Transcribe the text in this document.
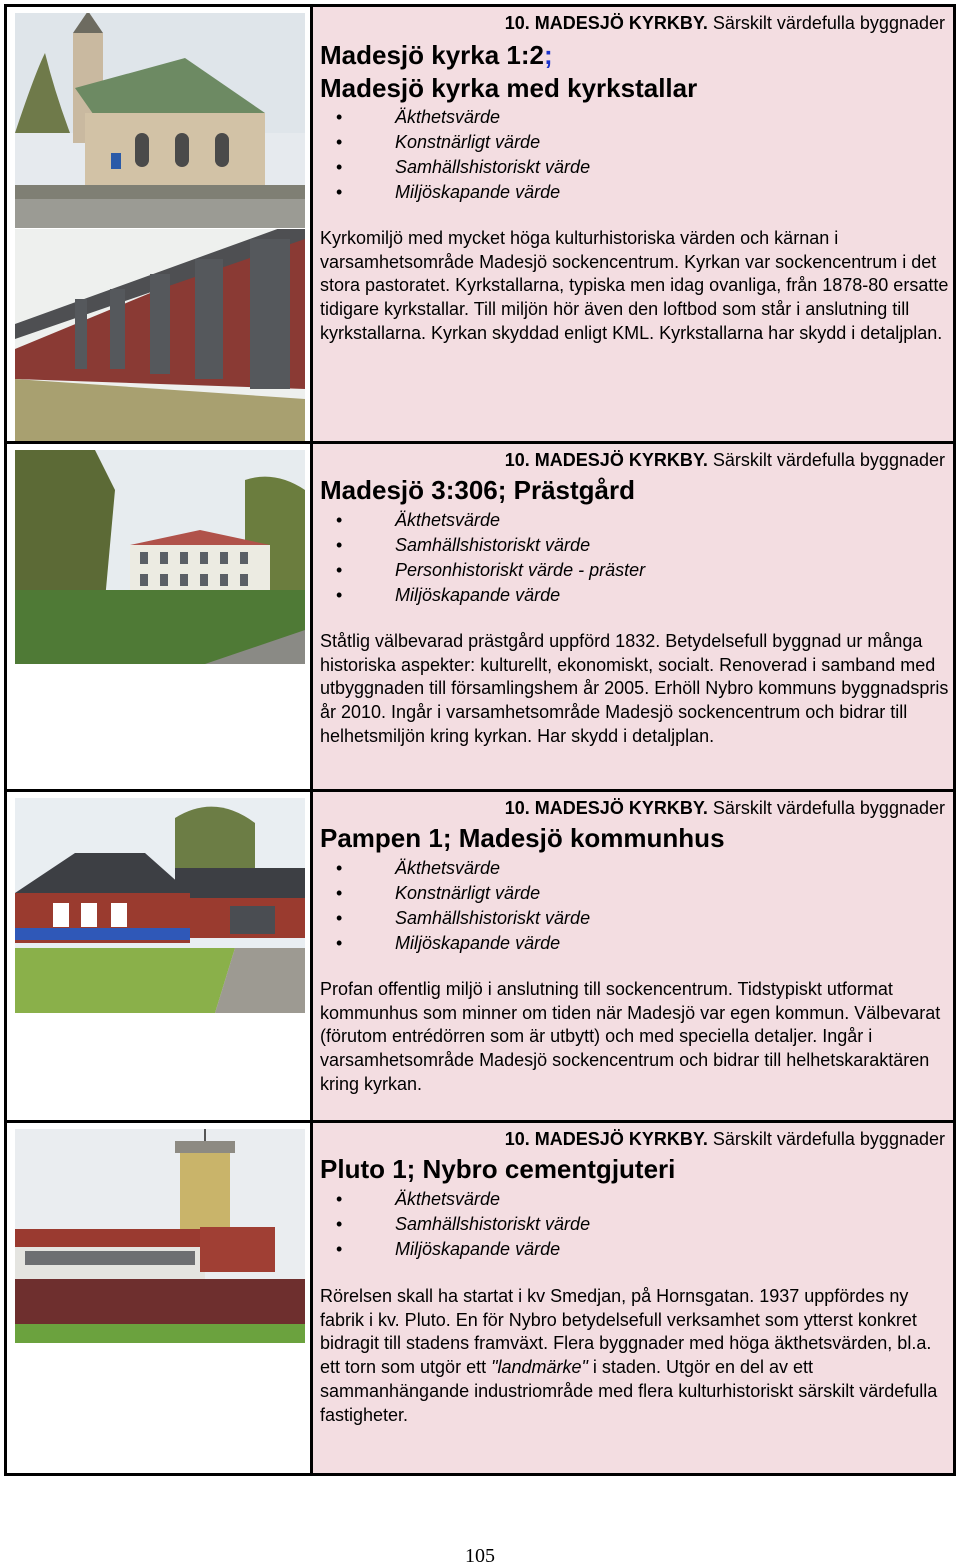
10. MADESJÖ KYRKBY. Särskilt värdefulla byggnader
Madesjö kyrka 1:2;
Madesjö kyrka med kyrkstallar
• Äkthetsvärde
• Konstnärligt värde
• Samhällshistoriskt värde
• Miljöskapande värde

Kyrkomiljö med mycket höga kulturhistoriska värden och kärnan i varsamhetsområde Madesjö sockencentrum. Kyrkan var sockencentrum i det stora pastoratet. Kyrkstallarna, typiska men idag ovanliga, från 1878-80 ersatte tidigare kyrkstallar. Till miljön hör även den loftbod som står i anslutning till kyrkstallarna. Kyrkan skyddad enligt KML. Kyrkstallarna har skydd i detaljplan.

10. MADESJÖ KYRKBY. Särskilt värdefulla byggnader
Madesjö 3:306; Prästgård
• Äkthetsvärde
• Samhällshistoriskt värde
• Personhistoriskt värde - präster
• Miljöskapande värde

Ståtlig välbevarad prästgård uppförd 1832. Betydelsefull byggnad ur många historiska aspekter: kulturellt, ekonomiskt, socialt. Renoverad i samband med utbyggnaden till församlingshem år 2005. Erhöll Nybro kommuns byggnadspris år 2010. Ingår i varsamhetsområde Madesjö sockencentrum och bidrar till helhetsmiljön kring kyrkan. Har skydd i detaljplan.

10. MADESJÖ KYRKBY. Särskilt värdefulla byggnader
Pampen 1; Madesjö kommunhus
• Äkthetsvärde
• Konstnärligt värde
• Samhällshistoriskt värde
• Miljöskapande värde

Profan offentlig miljö i anslutning till sockencentrum. Tidstypiskt utformat kommunhus som minner om tiden när Madesjö var egen kommun. Välbevarat (förutom entrédörren som är utbytt) och med speciella detaljer. Ingår i varsamhetsområde Madesjö sockencentrum och bidrar till helhetskaraktären kring kyrkan.

10. MADESJÖ KYRKBY. Särskilt värdefulla byggnader
Pluto 1; Nybro cementgjuteri
• Äkthetsvärde
• Samhällshistoriskt värde
• Miljöskapande värde

Rörelsen skall ha startat i kv Smedjan, på Hornsgatan. 1937 uppfördes ny fabrik i kv. Pluto. En för Nybro betydelsefull verksamhet som ytterst konkret bidragit till stadens framväxt. Flera byggnader med höga äkthetsvärden, bl.a. ett torn som utgör ett "landmärke" i staden. Utgör en del av ett sammanhängande industriområde med flera kulturhistoriskt särskilt värdefulla fastigheter.

105
